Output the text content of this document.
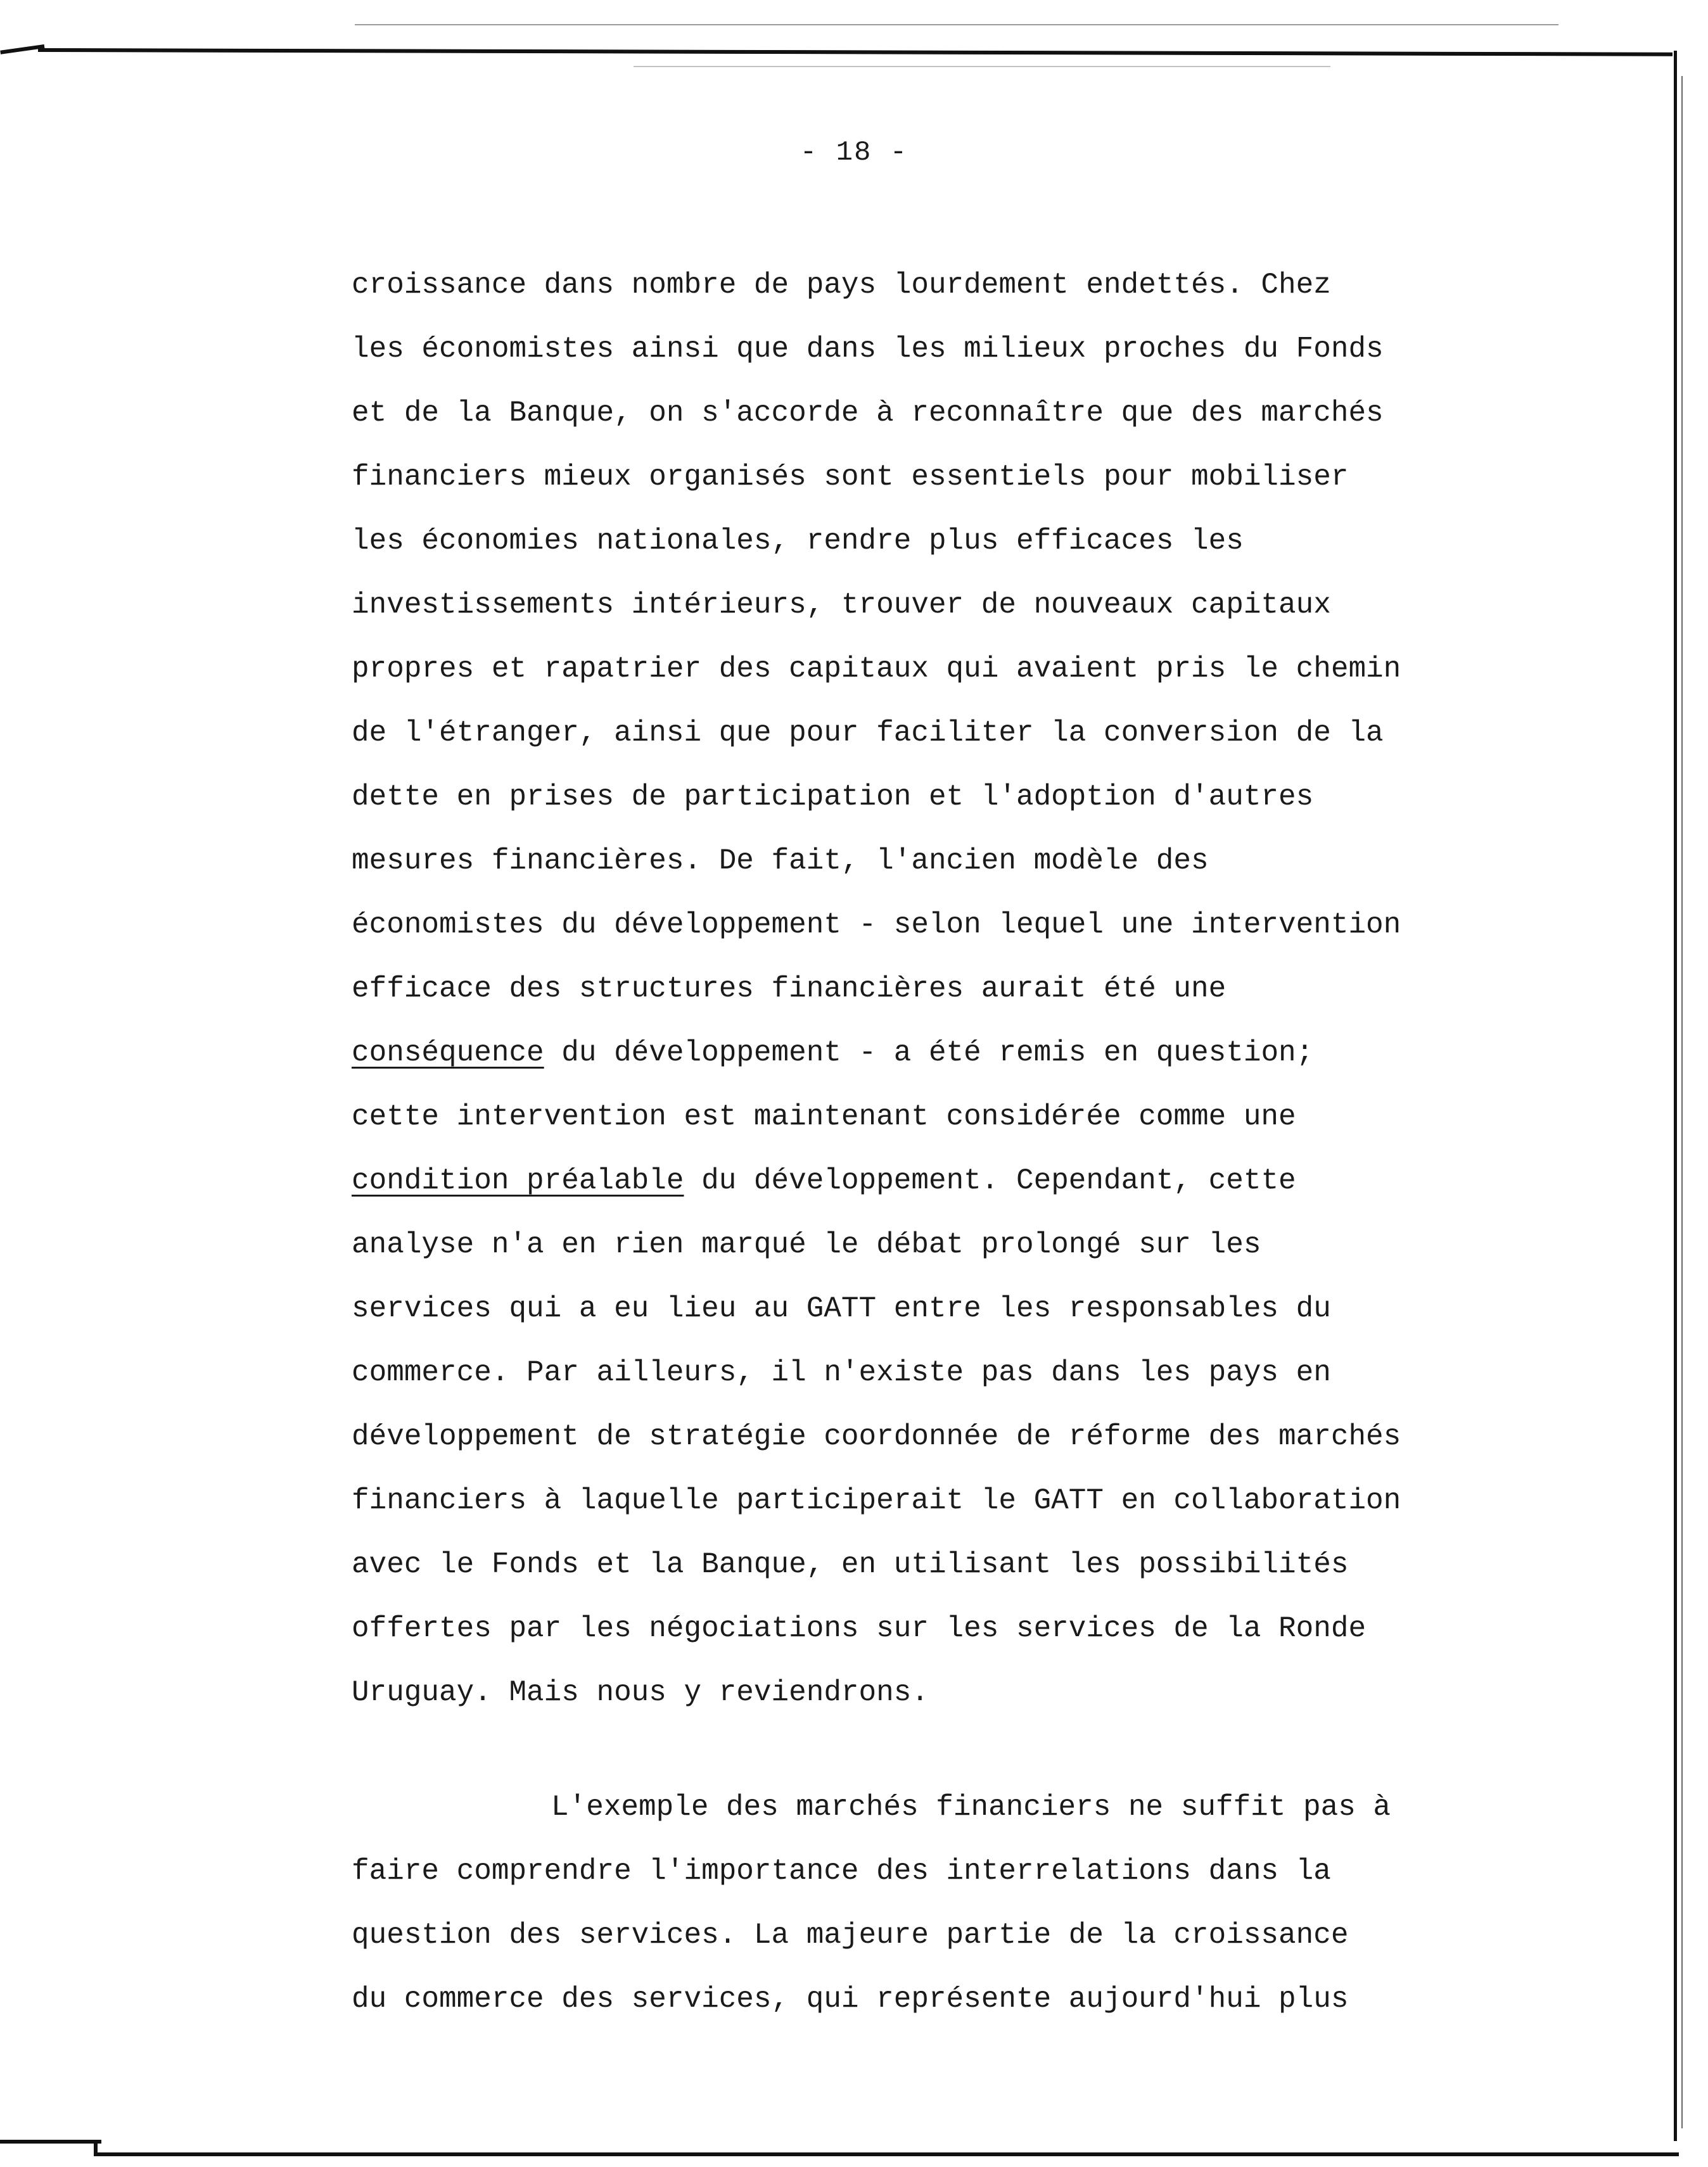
- 18 -
croissance dans nombre de pays lourdement endettés. Chez
les économistes ainsi que dans les milieux proches du Fonds
et de la Banque, on s'accorde à reconnaître que des marchés
financiers mieux organisés sont essentiels pour mobiliser
les économies nationales, rendre plus efficaces les
investissements intérieurs, trouver de nouveaux capitaux
propres et rapatrier des capitaux qui avaient pris le chemin
de l'étranger, ainsi que pour faciliter la conversion de la
dette en prises de participation et l'adoption d'autres
mesures financières. De fait, l'ancien modèle des
économistes du développement - selon lequel une intervention
efficace des structures financières aurait été une
conséquence du développement - a été remis en question;
cette intervention est maintenant considérée comme une
condition préalable du développement. Cependant, cette
analyse n'a en rien marqué le débat prolongé sur les
services qui a eu lieu au GATT entre les responsables du
commerce. Par ailleurs, il n'existe pas dans les pays en
développement de stratégie coordonnée de réforme des marchés
financiers à laquelle participerait le GATT en collaboration
avec le Fonds et la Banque, en utilisant les possibilités
offertes par les négociations sur les services de la Ronde
Uruguay. Mais nous y reviendrons.
L'exemple des marchés financiers ne suffit pas à
faire comprendre l'importance des interrelations dans la
question des services. La majeure partie de la croissance
du commerce des services, qui représente aujourd'hui plus
